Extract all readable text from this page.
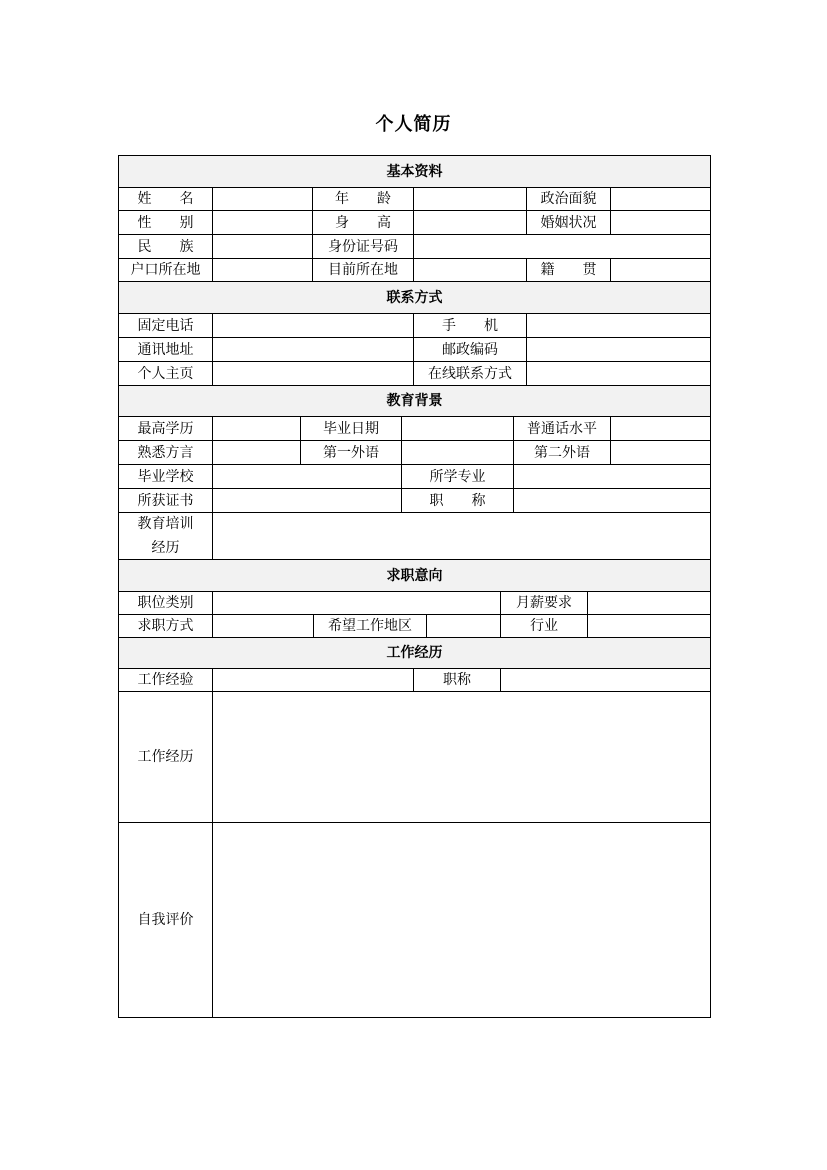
个人简历
基本资料
姓　　名	年　　龄	政治面貌
性　　别	身　　高	婚姻状况
民　　族	身份证号码
户口所在地	目前所在地	籍　　贯
联系方式
固定电话	手　　机
通讯地址	邮政编码
个人主页	在线联系方式
教育背景
最高学历	毕业日期	普通话水平
熟悉方言	第一外语	第二外语
毕业学校	所学专业
所获证书	职　　称
教育培训
经历
求职意向
职位类别	月薪要求
求职方式	希望工作地区	行业
工作经历
工作经验	职称
工作经历
自我评价
